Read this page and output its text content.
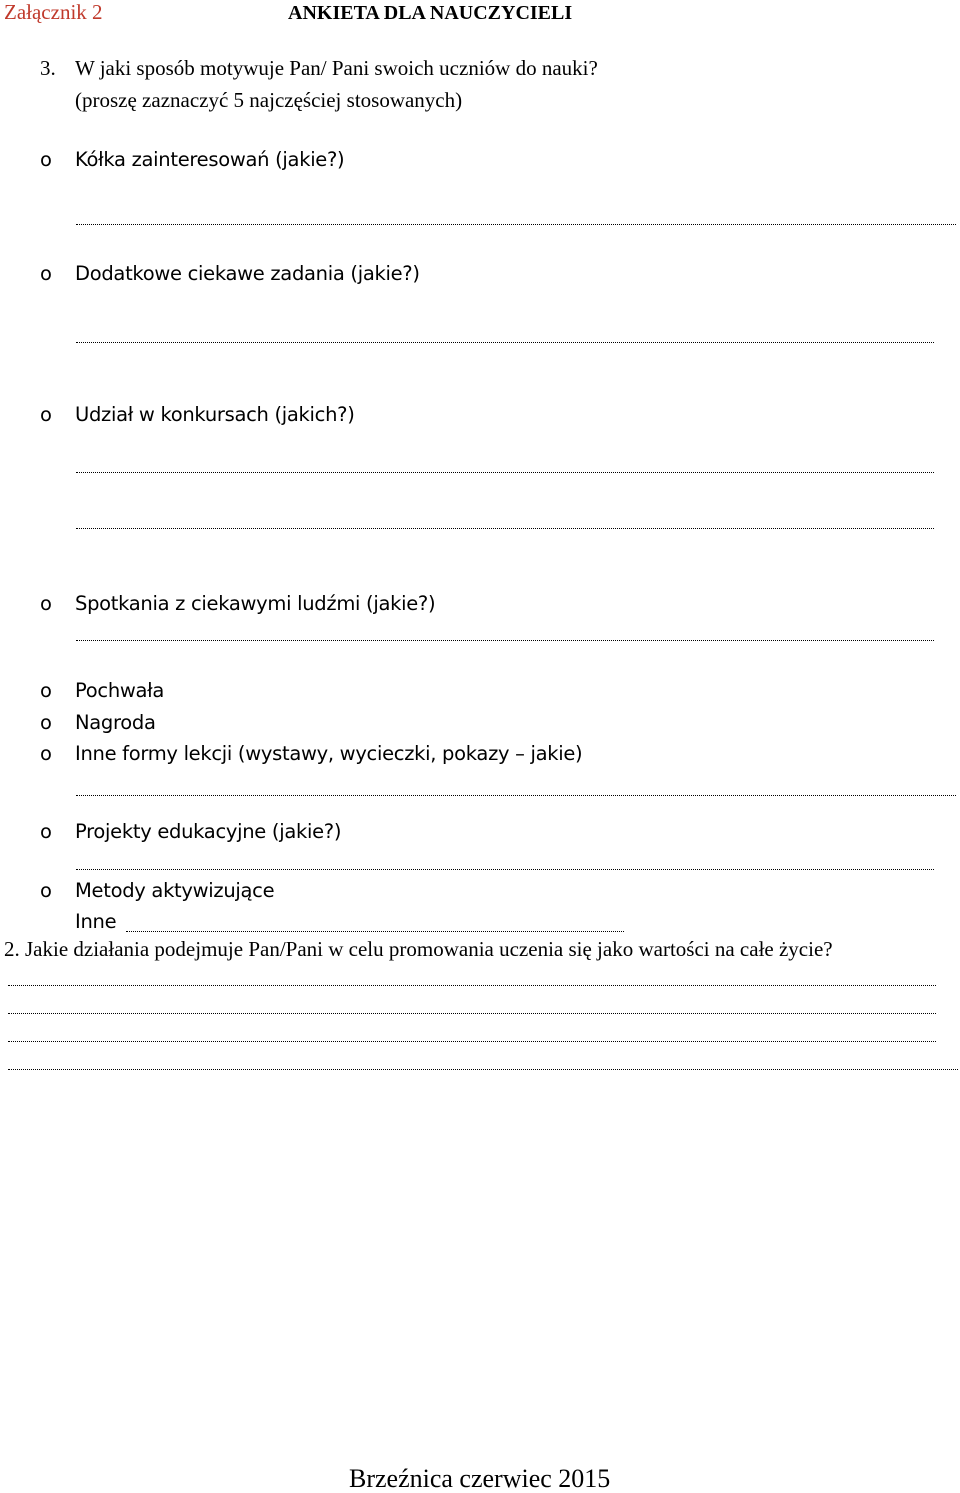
Załącznik 2	ANKIETA DLA NAUCZYCIELI
3. W jaki sposób motywuje Pan/ Pani swoich uczniów do nauki?
(proszę zaznaczyć 5 najczęściej stosowanych)
o Kółka zainteresowań (jakie?)
o Dodatkowe ciekawe zadania (jakie?)
o Udział w konkursach (jakich?)
o Spotkania z ciekawymi ludźmi (jakie?)
o Pochwała
o Nagroda
o Inne formy lekcji (wystawy, wycieczki, pokazy – jakie)
o Projekty edukacyjne (jakie?)
o Metody aktywizujące
Inne
2. Jakie działania podejmuje Pan/Pani w celu promowania uczenia się jako wartości na całe życie?
Brzeźnica czerwiec 2015
